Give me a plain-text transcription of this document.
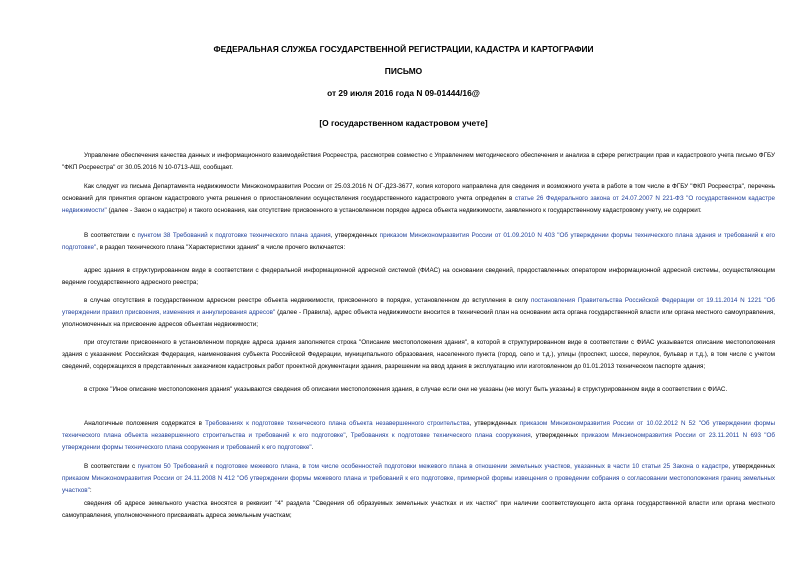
ФЕДЕРАЛЬНАЯ СЛУЖБА ГОСУДАРСТВЕННОЙ РЕГИСТРАЦИИ, КАДАСТРА И КАРТОГРАФИИ
ПИСЬМО
от 29 июля 2016 года N 09-01444/16@
[О государственном кадастровом учете]

Управление обеспечения качества данных и информационного взаимодействия Росреестра, рассмотрев совместно с Управлением методического обеспечения и анализа в сфере регистрации прав и кадастрового учета письмо ФГБУ "ФКП Росреестра" от 30.05.2016 N 10-0713-АШ, сообщает.

Как следует из письма Департамента недвижимости Минэкономразвития России от 25.03.2016 N ОГ-Д23-3677, копия которого направлена для сведения и возможного учета в работе в том числе в ФГБУ "ФКП Росреестра", перечень оснований для принятия органом кадастрового учета решения о приостановлении осуществления государственного кадастрового учета определен в статье 26 Федерального закона от 24.07.2007 N 221-ФЗ "О государственном кадастре недвижимости" (далее - Закон о кадастре) и такого основания, как отсутствие присвоенного в установленном порядке адреса объекта недвижимости, заявленного к государственному кадастровому учету, не содержит.

В соответствии с пунктом 38 Требований к подготовке технического плана здания, утвержденных приказом Минэкономразвития России от 01.09.2010 N 403 "Об утверждении формы технического плана здания и требований к его подготовке", в раздел технического плана "Характеристики здания" в числе прочего включается:

адрес здания в структурированном виде в соответствии с федеральной информационной адресной системой (ФИАС) на основании сведений, предоставленных оператором информационной адресной системы, осуществляющим ведение государственного адресного реестра;

в случае отсутствия в государственном адресном реестре объекта недвижимости, присвоенного в порядке, установленном до вступления в силу постановления Правительства Российской Федерации от 19.11.2014 N 1221 "Об утверждении правил присвоения, изменения и аннулирования адресов" (далее - Правила), адрес объекта недвижимости вносится в технический план на основании акта органа государственной власти или органа местного самоуправления, уполномоченных на присвоение адресов объектам недвижимости;

при отсутствии присвоенного в установленном порядке адреса здания заполняется строка "Описание местоположения здания", в которой в структурированном виде в соответствии с ФИАС указывается описание местоположения здания с указанием: Российская Федерация, наименования субъекта Российской Федерации, муниципального образования, населенного пункта (город, село и т.д.), улицы (проспект, шоссе, переулок, бульвар и т.д.), в том числе с учетом сведений, содержащихся в представленных заказчиком кадастровых работ проектной документации здания, разрешении на ввод здания в эксплуатацию или изготовленном до 01.01.2013 техническом паспорте здания;

в строке "Иное описание местоположения здания" указываются сведения об описании местоположения здания, в случае если они не указаны (не могут быть указаны) в структурированном виде в соответствии с ФИАС.

Аналогичные положения содержатся в Требованиях к подготовке технического плана объекта незавершенного строительства, утвержденных приказом Минэкономразвития России от 10.02.2012 N 52 "Об утверждении формы технического плана объекта незавершенного строительства и требований к его подготовке", Требованиях к подготовке технического плана сооружения, утвержденных приказом Минэкономразвития России от 23.11.2011 N 693 "Об утверждении формы технического плана сооружения и требований к его подготовке".

В соответствии с пунктом 50 Требований к подготовке межевого плана, в том числе особенностей подготовки межевого плана в отношении земельных участков, указанных в части 10 статьи 25 Закона о кадастре, утвержденных приказом Минэкономразвития России от 24.11.2008 N 412 "Об утверждении формы межевого плана и требований к его подготовке, примерной формы извещения о проведении собрания о согласовании местоположения границ земельных участков":

сведения об адресе земельного участка вносятся в реквизит "4" раздела "Сведения об образуемых земельных участках и их частях" при наличии соответствующего акта органа государственной власти или органа местного самоуправления, уполномоченного присваивать адреса земельным участкам;
